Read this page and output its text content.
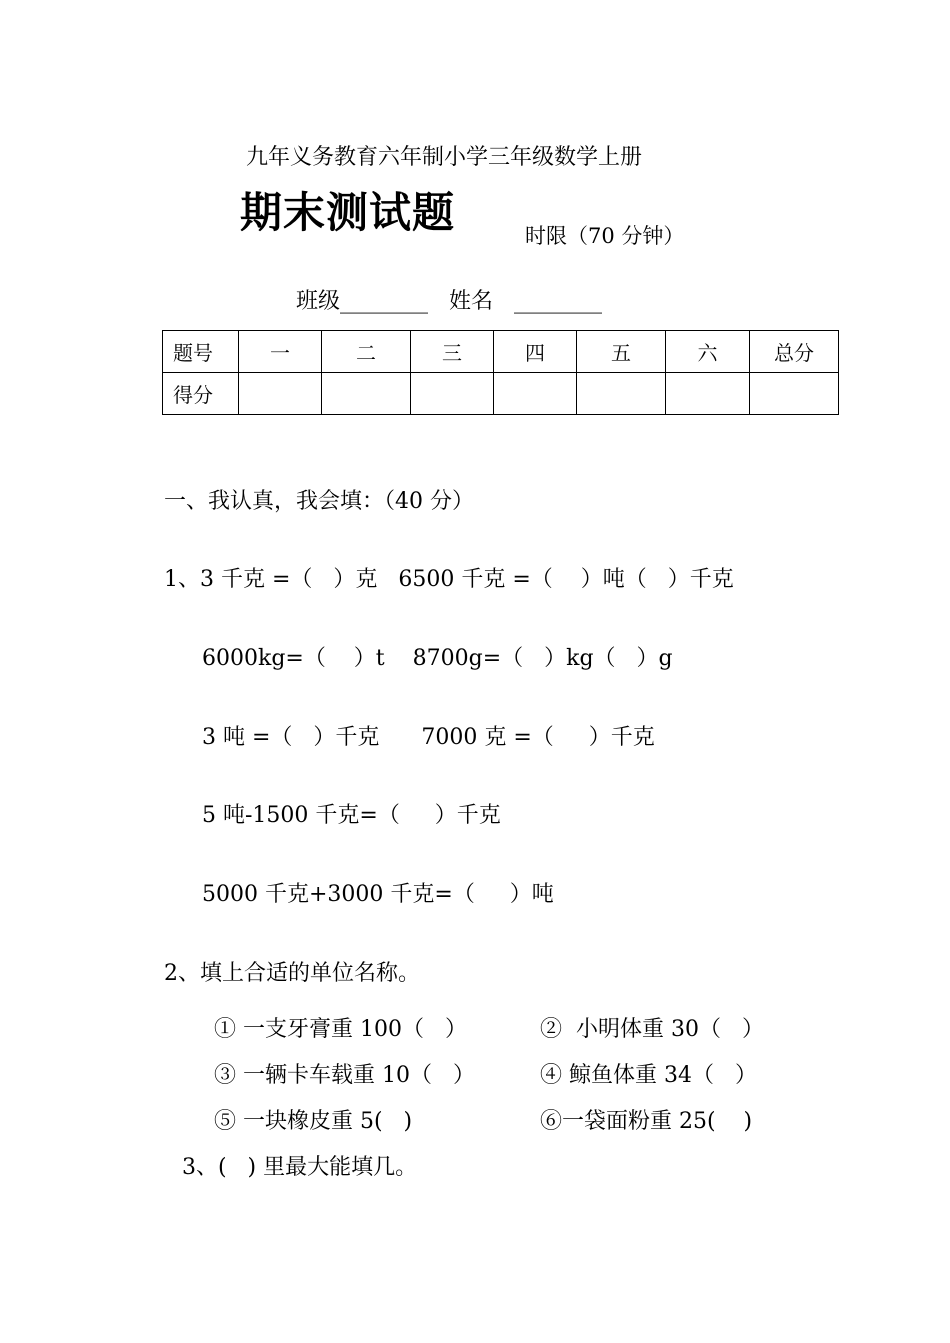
九年义务教育六年制小学三年级数学上册
期末测试题	时限（70 分钟）
班级________   姓名   ________
题号	一	二	三	四	五	六	总分
得分							
一、我认真，我会填：（40 分）
1、3 千克 =（   ）克   6500 千克 =（    ）吨（   ）千克
6000kg=（    ）t    8700g=（   ）kg（   ）g
3 吨 =（   ）千克      7000 克 =（     ）千克
5 吨-1500 千克=（     ）千克
5000 千克+3000 千克=（     ）吨
2、填上合适的单位名称。
① 一支牙膏重 100（   ）	②  小明体重 30（   ）
③ 一辆卡车载重 10（   ）	④ 鲸鱼体重 34（   ）
⑤ 一块橡皮重 5(   )	⑥一袋面粉重 25(    )
3、(   ) 里最大能填几。
